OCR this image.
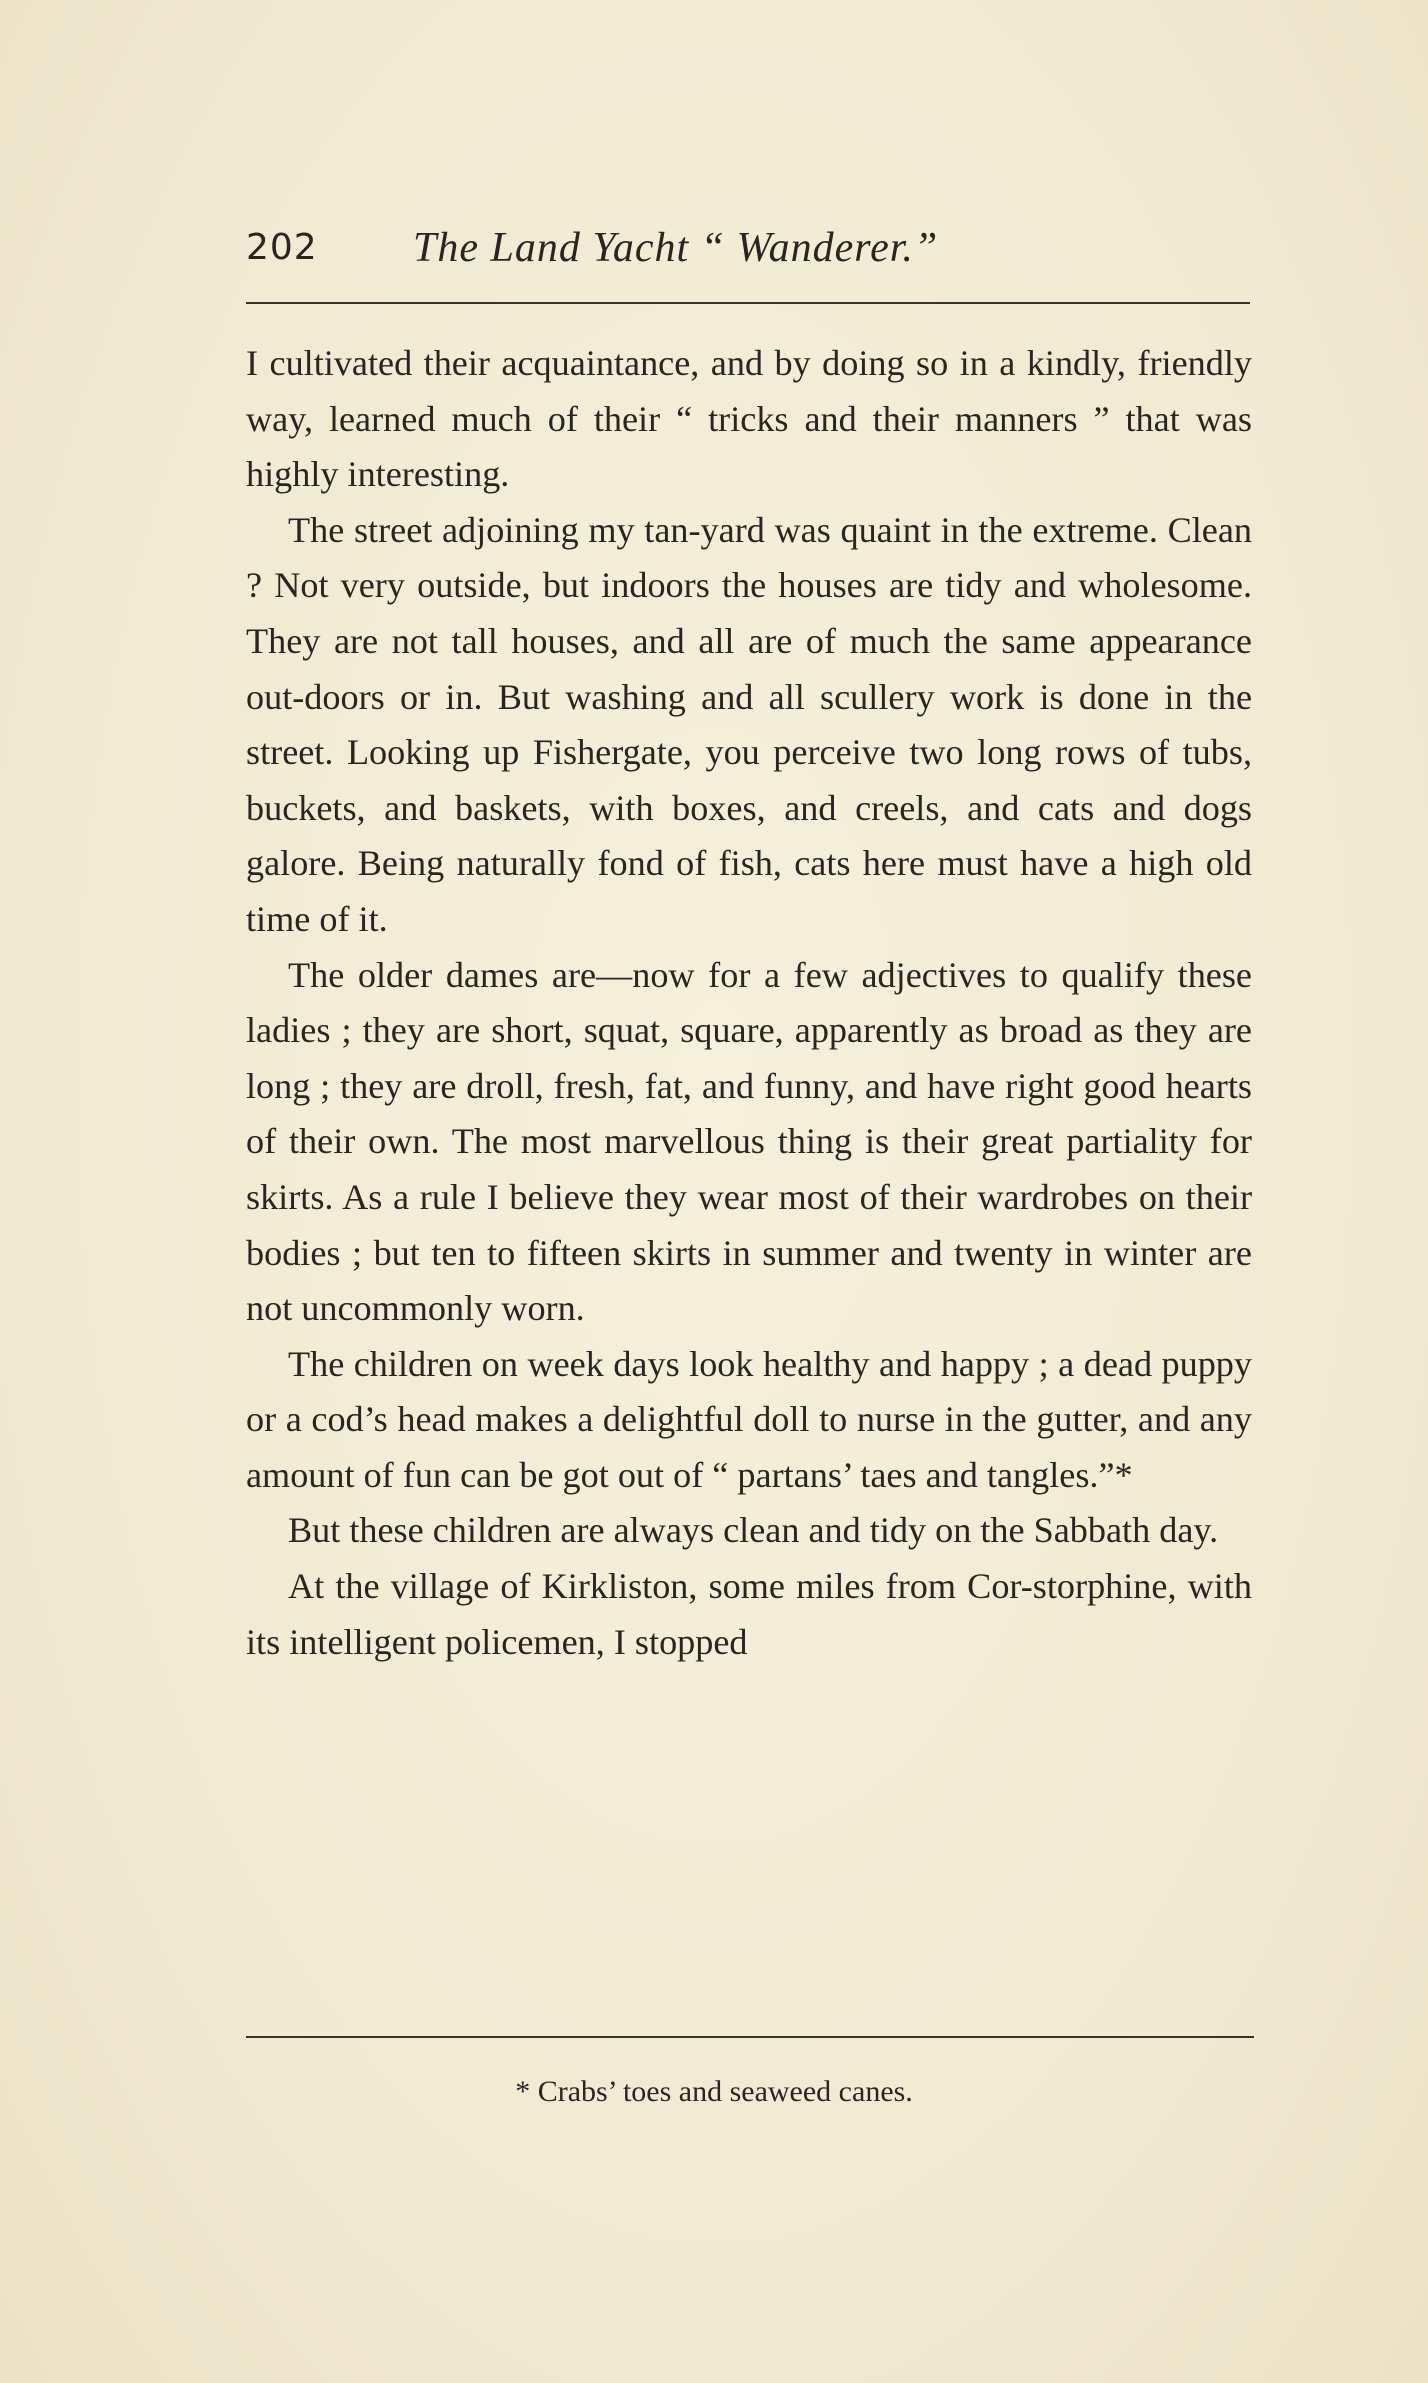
202 The Land Yacht “ Wanderer.”

I cultivated their acquaintance, and by doing so in a kindly, friendly way, learned much of their “ tricks and their manners ” that was highly interesting.

The street adjoining my tan-yard was quaint in the extreme. Clean ? Not very outside, but indoors the houses are tidy and wholesome. They are not tall houses, and all are of much the same appearance out-doors or in. But washing and all scullery work is done in the street. Looking up Fishergate, you perceive two long rows of tubs, buckets, and baskets, with boxes, and creels, and cats and dogs galore. Being naturally fond of fish, cats here must have a high old time of it.

The older dames are—now for a few adjectives to qualify these ladies ; they are short, squat, square, apparently as broad as they are long ; they are droll, fresh, fat, and funny, and have right good hearts of their own. The most marvellous thing is their great partiality for skirts. As a rule I believe they wear most of their wardrobes on their bodies ; but ten to fifteen skirts in summer and twenty in winter are not uncommonly worn.

The children on week days look healthy and happy ; a dead puppy or a cod’s head makes a delightful doll to nurse in the gutter, and any amount of fun can be got out of “ partans’ taes and tangles.”*

But these children are always clean and tidy on the Sabbath day.

At the village of Kirkliston, some miles from Cor-storphine, with its intelligent policemen, I stopped

* Crabs’ toes and seaweed canes.
